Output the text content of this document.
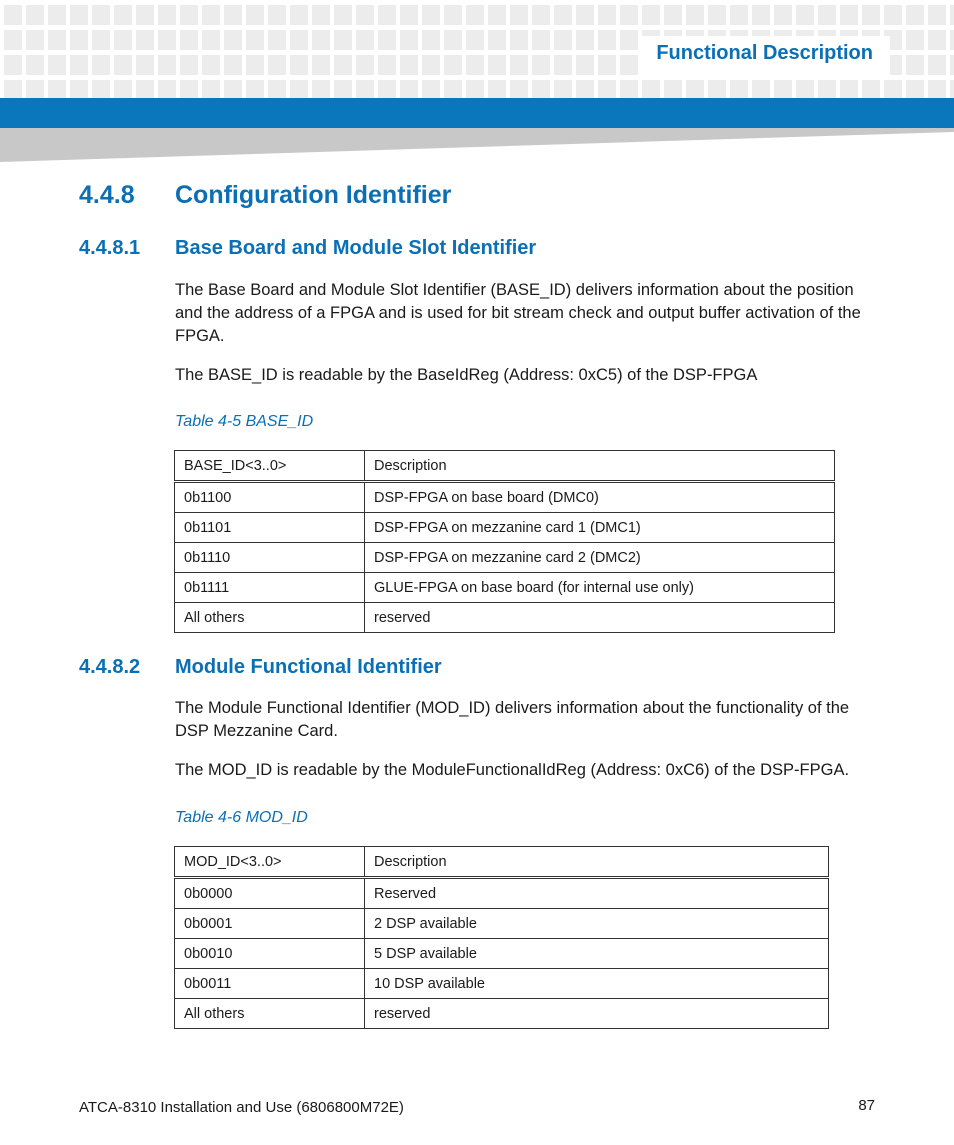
Functional Description
4.4.8 Configuration Identifier
4.4.8.1 Base Board and Module Slot Identifier
The Base Board and Module Slot Identifier (BASE_ID) delivers information about the position and the address of a FPGA and is used for bit stream check and output buffer activation of the FPGA.
The BASE_ID is readable by the BaseIdReg (Address: 0xC5) of the DSP-FPGA
Table 4-5 BASE_ID
BASE_ID<3..0>	Description
0b1100	DSP-FPGA on base board (DMC0)
0b1101	DSP-FPGA on mezzanine card 1 (DMC1)
0b1110	DSP-FPGA on mezzanine card 2 (DMC2)
0b1111	GLUE-FPGA on base board (for internal use only)
All others	reserved
4.4.8.2 Module Functional Identifier
The Module Functional Identifier (MOD_ID) delivers information about the functionality of the DSP Mezzanine Card.
The MOD_ID is readable by the ModuleFunctionalIdReg (Address: 0xC6) of the DSP-FPGA.
Table 4-6 MOD_ID
MOD_ID<3..0>	Description
0b0000	Reserved
0b0001	2 DSP available
0b0010	5 DSP available
0b0011	10 DSP available
All others	reserved
ATCA-8310 Installation and Use (6806800M72E)	87
